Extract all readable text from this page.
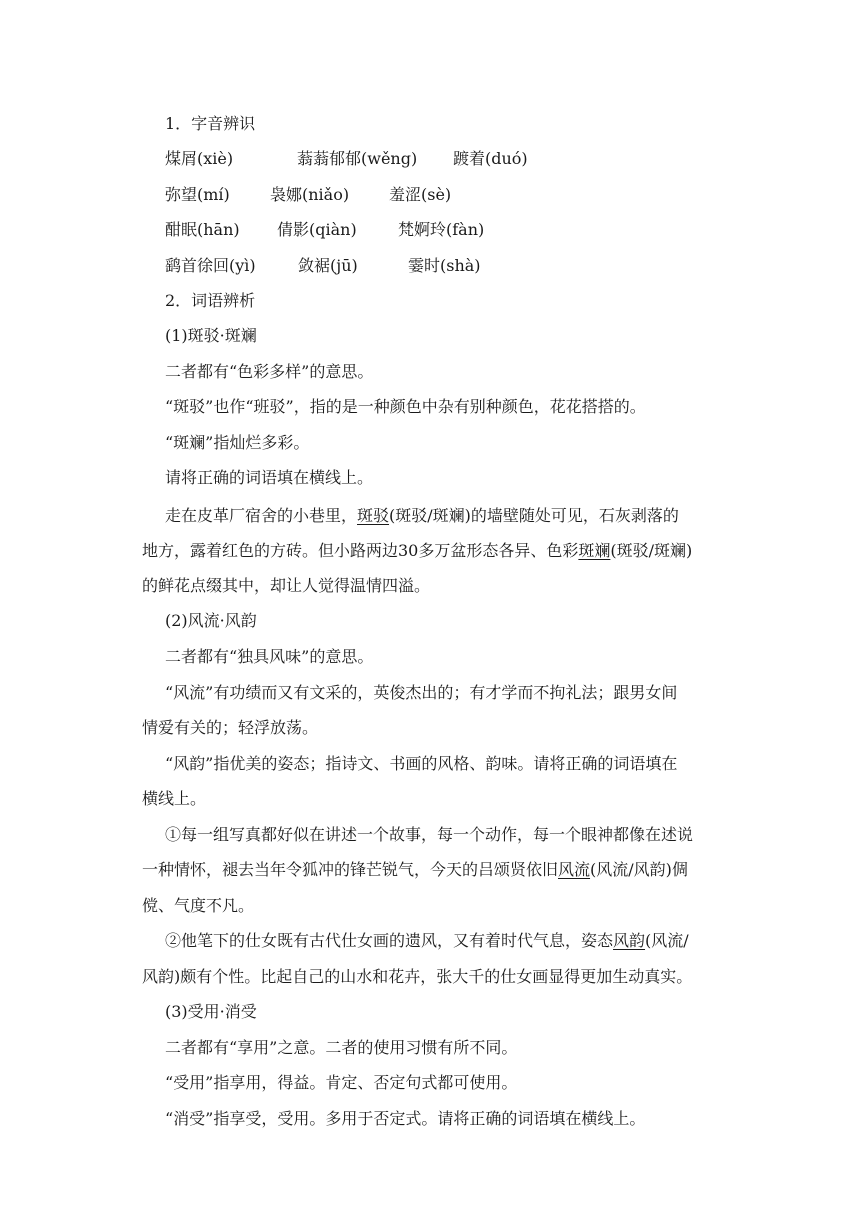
1．字音辨识
煤屑(xiè)	蓊蓊郁郁(wěng) 踱着(duó)
弥望(mí)	袅娜(niǎo) 羞涩(sè)
酣眠(hān) 倩影(qiàn)	梵婀玲(fàn)
鹞首徐回(yì)	敛裾(jū)	霎时(shà)
2．词语辨析
(1)斑驳·斑斓
二者都有“色彩多样”的意思。
“斑驳”也作“班驳”，指的是一种颜色中杂有别种颜色，花花搭搭的。
“斑斓”指灿烂多彩。
请将正确的词语填在横线上。
走在皮革厂宿舍的小巷里，斑驳(斑驳/斑斓)的墙壁随处可见，石灰剥落的
地方，露着红色的方砖。但小路两边30多万盆形态各异、色彩斑斓(斑驳/斑斓)
的鲜花点缀其中，却让人觉得温情四溢。
(2)风流·风韵
二者都有“独具风味”的意思。
“风流”有功绩而又有文采的，英俊杰出的；有才学而不拘礼法；跟男女间
情爱有关的；轻浮放荡。
“风韵”指优美的姿态；指诗文、书画的风格、韵味。请将正确的词语填在
横线上。
①每一组写真都好似在讲述一个故事，每一个动作，每一个眼神都像在述说
一种情怀，褪去当年令狐冲的锋芒锐气，今天的吕颂贤依旧风流(风流/风韵)倜
傥、气度不凡。
②他笔下的仕女既有古代仕女画的遗风，又有着时代气息，姿态风韵(风流/
风韵)颇有个性。比起自己的山水和花卉，张大千的仕女画显得更加生动真实。
(3)受用·消受
二者都有“享用”之意。二者的使用习惯有所不同。
“受用”指享用，得益。肯定、否定句式都可使用。
“消受”指享受，受用。多用于否定式。请将正确的词语填在横线上。
